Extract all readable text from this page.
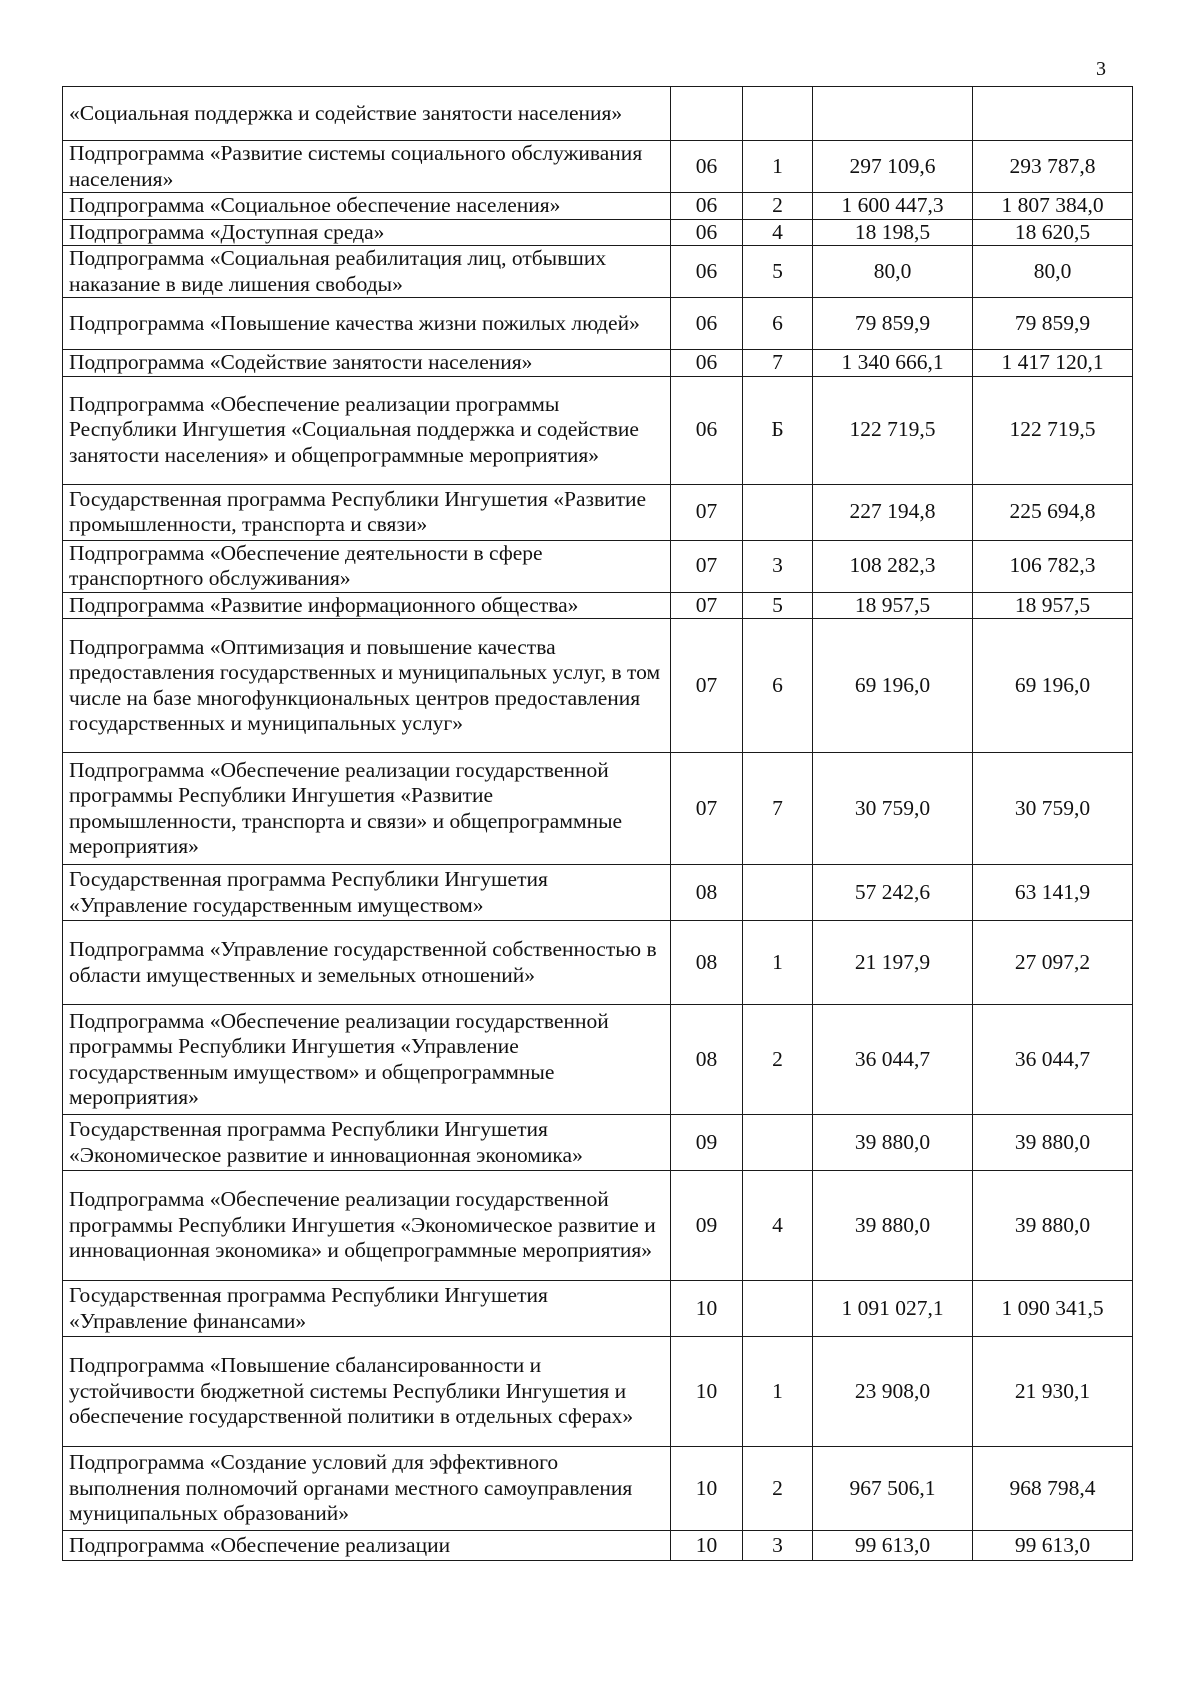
3
«Социальная поддержка и содействие занятости населения»				
Подпрограмма «Развитие системы социального обслуживания населения»	06	1	297 109,6	293 787,8
Подпрограмма «Социальное обеспечение населения»	06	2	1 600 447,3	1 807 384,0
Подпрограмма «Доступная среда»	06	4	18 198,5	18 620,5
Подпрограмма «Социальная реабилитация лиц, отбывших наказание в виде лишения свободы»	06	5	80,0	80,0
Подпрограмма «Повышение качества жизни пожилых людей»	06	6	79 859,9	79 859,9
Подпрограмма «Содействие занятости населения»	06	7	1 340 666,1	1 417 120,1
Подпрограмма «Обеспечение реализации программы Республики Ингушетия «Социальная поддержка и содействие занятости населения» и общепрограммные мероприятия»	06	Б	122 719,5	122 719,5
Государственная программа Республики Ингушетия «Развитие промышленности, транспорта и связи»	07		227 194,8	225 694,8
Подпрограмма «Обеспечение деятельности в сфере транспортного обслуживания»	07	3	108 282,3	106 782,3
Подпрограмма «Развитие информационного общества»	07	5	18 957,5	18 957,5
Подпрограмма «Оптимизация и повышение качества предоставления государственных и муниципальных услуг, в том числе на базе многофункциональных центров предоставления государственных и муниципальных услуг»	07	6	69 196,0	69 196,0
Подпрограмма «Обеспечение реализации государственной программы Республики Ингушетия «Развитие промышленности, транспорта и связи» и общепрограммные мероприятия»	07	7	30 759,0	30 759,0
Государственная программа Республики Ингушетия «Управление государственным имуществом»	08		57 242,6	63 141,9
Подпрограмма «Управление государственной собственностью в области имущественных и земельных отношений»	08	1	21 197,9	27 097,2
Подпрограмма «Обеспечение реализации государственной программы Республики Ингушетия «Управление государственным имуществом» и общепрограммные мероприятия»	08	2	36 044,7	36 044,7
Государственная программа Республики Ингушетия «Экономическое развитие и инновационная экономика»	09		39 880,0	39 880,0
Подпрограмма «Обеспечение реализации государственной программы Республики Ингушетия «Экономическое развитие и инновационная экономика» и общепрограммные мероприятия»	09	4	39 880,0	39 880,0
Государственная программа Республики Ингушетия «Управление финансами»	10		1 091 027,1	1 090 341,5
Подпрограмма «Повышение сбалансированности и устойчивости бюджетной системы Республики Ингушетия и обеспечение государственной политики в отдельных сферах»	10	1	23 908,0	21 930,1
Подпрограмма «Создание условий для эффективного выполнения полномочий органами местного самоуправления муниципальных образований»	10	2	967 506,1	968 798,4
Подпрограмма «Обеспечение реализации	10	3	99 613,0	99 613,0
